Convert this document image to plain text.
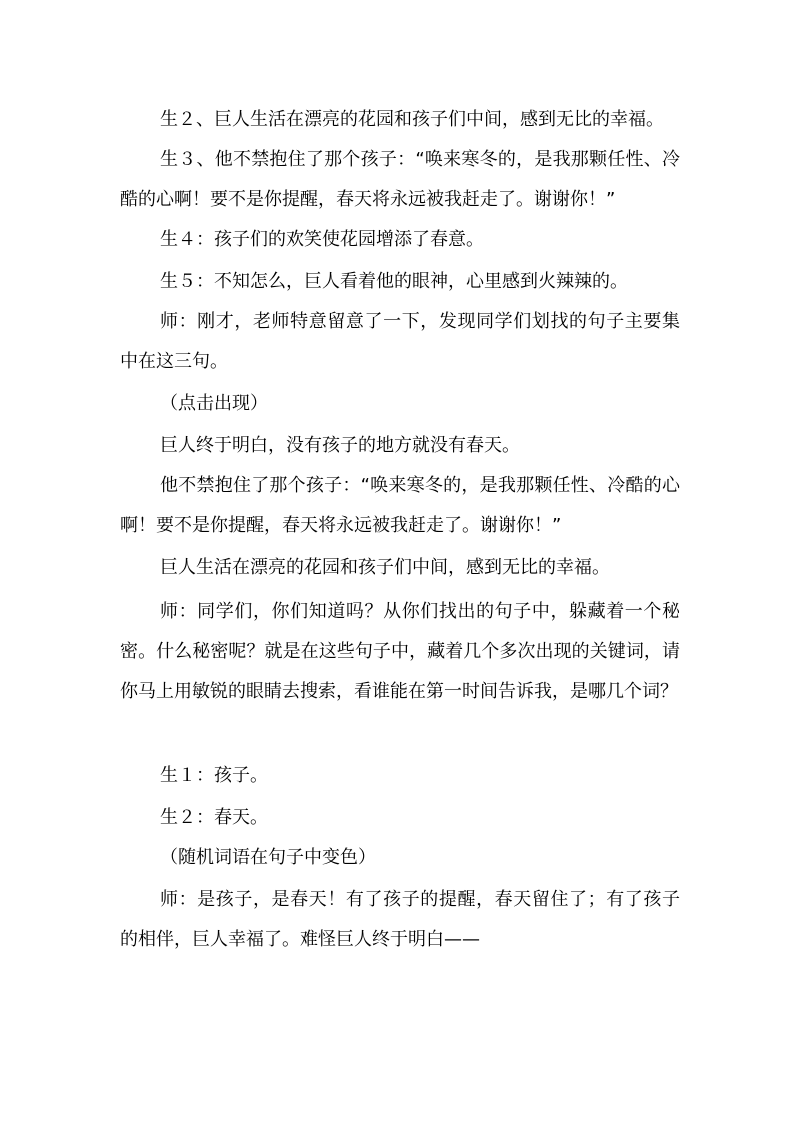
生２、巨人生活在漂亮的花园和孩子们中间，感到无比的幸福。

生３、他不禁抱住了那个孩子：“唤来寒冬的，是我那颗任性、冷酷的心啊！要不是你提醒，春天将永远被我赶走了。谢谢你！”

生４：孩子们的欢笑使花园增添了春意。

生５：不知怎么，巨人看着他的眼神，心里感到火辣辣的。

师：刚才，老师特意留意了一下，发现同学们划找的句子主要集中在这三句。

（点击出现）

巨人终于明白，没有孩子的地方就没有春天。

他不禁抱住了那个孩子：“唤来寒冬的，是我那颗任性、冷酷的心啊！要不是你提醒，春天将永远被我赶走了。谢谢你！”

巨人生活在漂亮的花园和孩子们中间，感到无比的幸福。

师：同学们，你们知道吗？从你们找出的句子中，躲藏着一个秘密。什么秘密呢？就是在这些句子中，藏着几个多次出现的关键词，请你马上用敏锐的眼睛去搜索，看谁能在第一时间告诉我，是哪几个词？

生１：孩子。

生２：春天。

（随机词语在句子中变色）

师：是孩子，是春天！有了孩子的提醒，春天留住了；有了孩子的相伴，巨人幸福了。难怪巨人终于明白——
